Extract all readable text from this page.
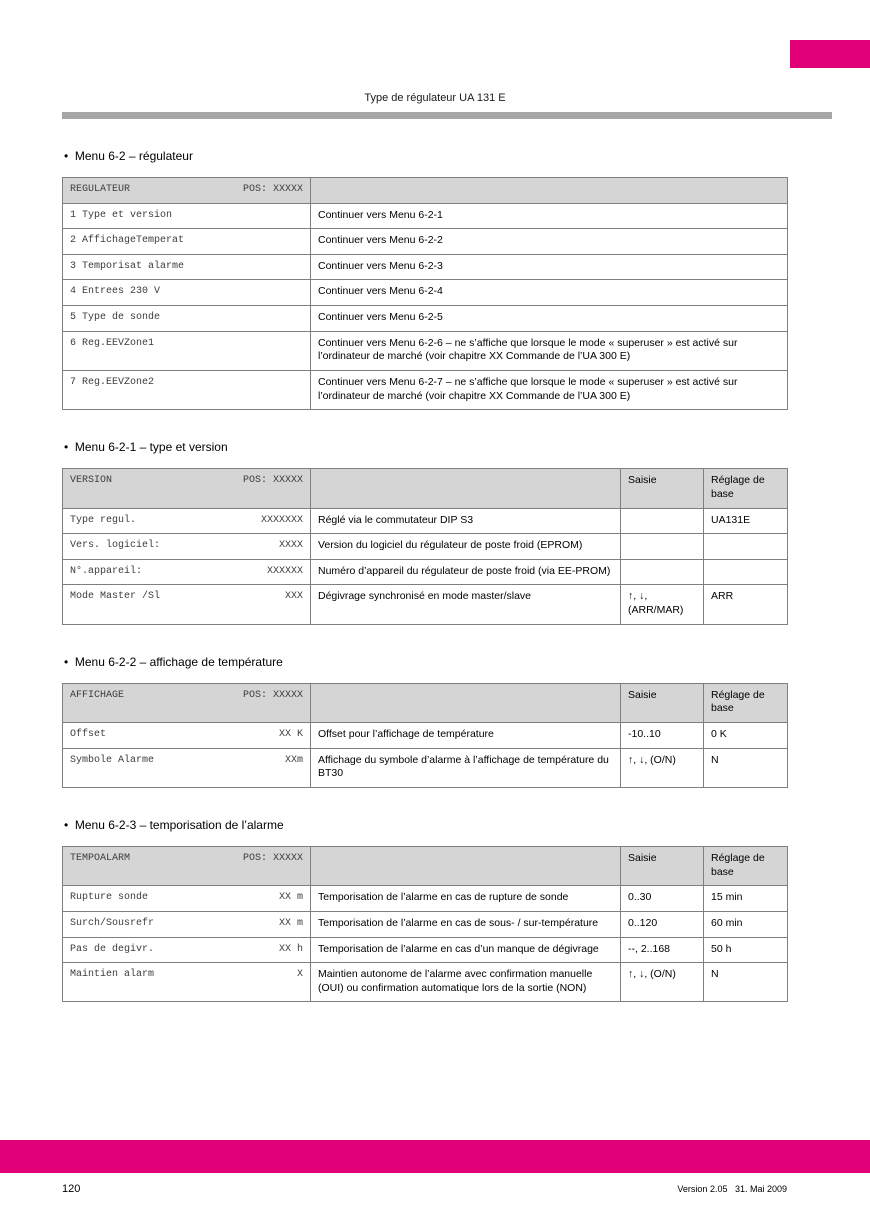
Type de régulateur UA 131 E
•  Menu 6-2 – régulateur
REGULATEUR POS: XXXXX	

1 Type et version	Continuer vers Menu 6-2-1
2 AffichageTemperat	Continuer vers Menu 6-2-2
3 Temporisat alarme	Continuer vers Menu 6-2-3
4 Entrees 230 V	Continuer vers Menu 6-2-4
5 Type de sonde	Continuer vers Menu 6-2-5
6 Reg.EEVZone1	Continuer vers Menu 6-2-6 – ne s’affiche que lorsque le mode « superuser » est activé sur l’ordinateur de marché (voir chapitre XX Commande de l’UA 300 E)
7 Reg.EEVZone2	Continuer vers Menu 6-2-7 – ne s’affiche que lorsque le mode « superuser » est activé sur l’ordinateur de marché (voir chapitre XX Commande de l’UA 300 E)
•  Menu 6-2-1 – type et version
VERSION POS: XXXXX		Saisie	Réglage de base

Type regul. XXXXXXX	Réglé via le commutateur DIP S3		UA131E

Vers. logiciel: XXXX	Version du logiciel du régulateur de poste froid (EPROM)		

N°.appareil: XXXXXX	Numéro d’appareil du régulateur de poste froid (via EE-PROM)		

Mode Master /Sl XXX	Dégivrage synchronisé en mode master/slave	↑, ↓, (ARR/MAR)	ARR
•  Menu 6-2-2 – affichage de température
AFFICHAGE POS: XXXXX		Saisie	Réglage de base

Offset XX K	Offset pour l’affichage de température	-10..10	0 K

Symbole Alarme XXm	Affichage du symbole d’alarme à l’affichage de température du BT30	↑, ↓, (O/N)	N
•  Menu 6-2-3 – temporisation de l’alarme
TEMPOALARM POS: XXXXX		Saisie	Réglage de base

Rupture sonde XX m	Temporisation de l’alarme en cas de rupture de sonde	0..30	15 min

Surch/Sousrefr XX m	Temporisation de l’alarme en cas de sous- / sur-température	0..120	60 min

Pas de degivr. XX h	Temporisation de l’alarme en cas d’un manque de dégivrage	--, 2..168	50 h

Maintien alarm X	Maintien autonome de l’alarme avec confirmation manuelle (OUI) ou confirmation automatique lors de la sortie (NON)	↑, ↓, (O/N)	N
120	Version 2.05   31. Mai 2009
